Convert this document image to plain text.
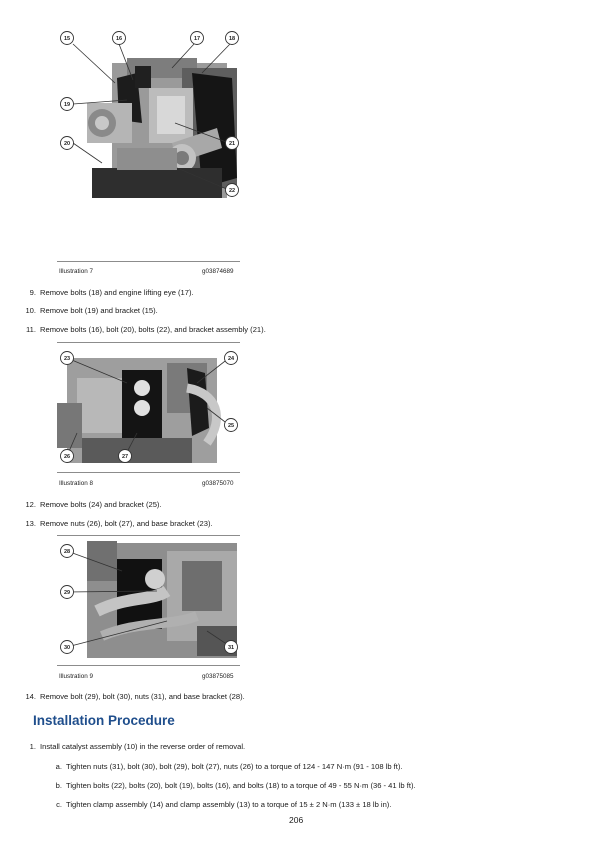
15	16	17	18
19
20	21
22
Illustration 7	g03874689
9. Remove bolts (18) and engine lifting eye (17).
10. Remove bolt (19) and bracket (15).
11. Remove bolts (16), bolt (20), bolts (22), and bracket assembly (21).
23	24
25
26	27
Illustration 8	g03875070
12. Remove bolts (24) and bracket (25).
13. Remove nuts (26), bolt (27), and base bracket (23).
28
29
30	31
Illustration 9	g03875085
14. Remove bolt (29), bolt (30), nuts (31), and base bracket (28).
Installation Procedure
1. Install catalyst assembly (10) in the reverse order of removal.
a. Tighten nuts (31), bolt (30), bolt (29), bolt (27), nuts (26) to a torque of 124 - 147 N·m (91 - 108 lb ft).
b. Tighten bolts (22), bolts (20), bolt (19), bolts (16), and bolts (18) to a torque of 49 - 55 N·m (36 - 41 lb ft).
c. Tighten clamp assembly (14) and clamp assembly (13) to a torque of 15 ± 2 N·m (133 ± 18 lb in).
206
